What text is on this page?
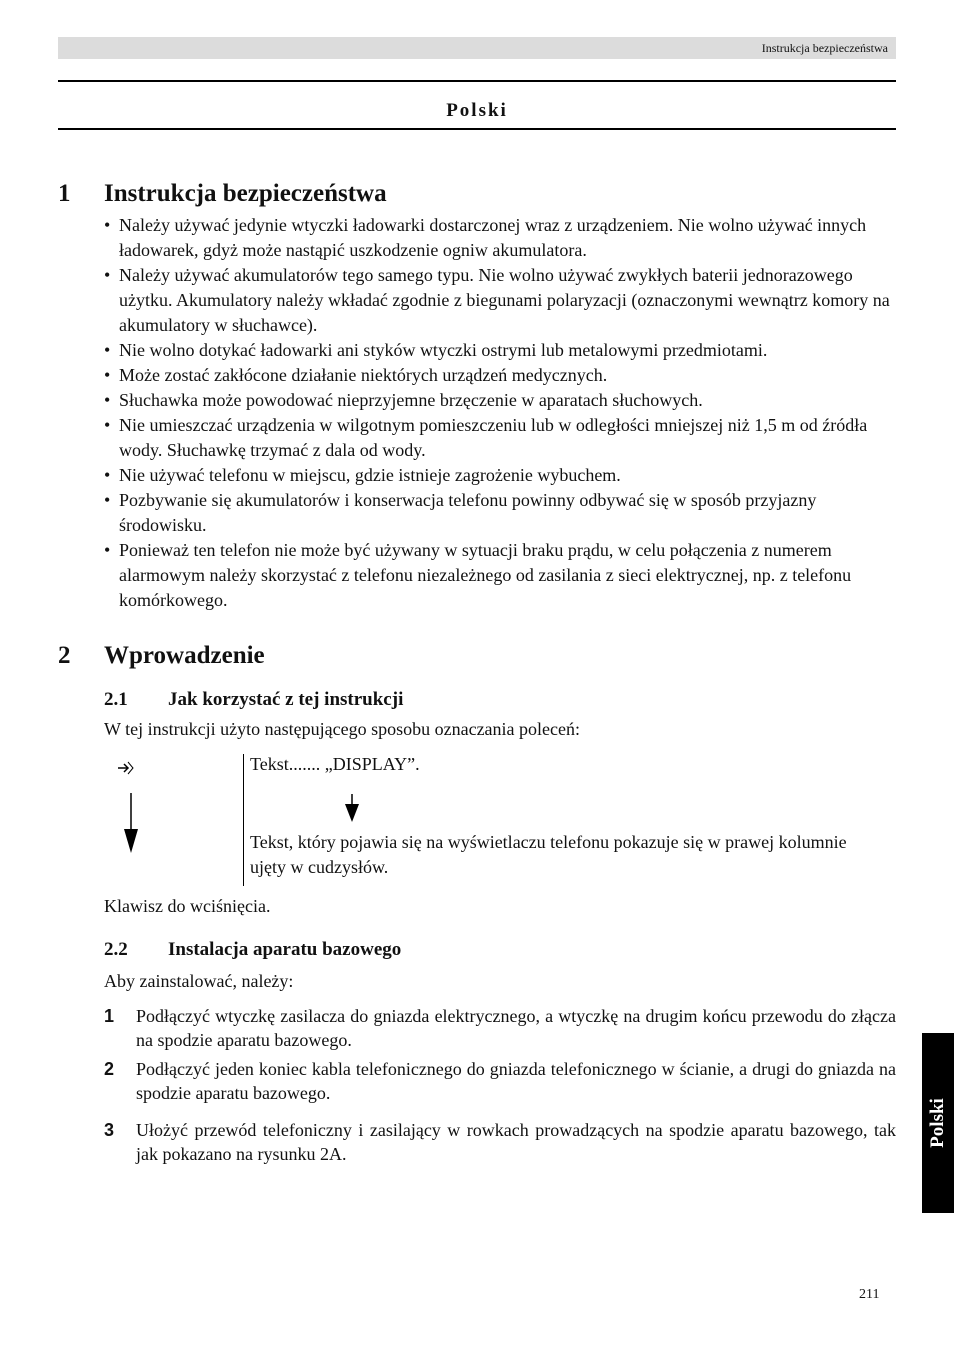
Instrukcja bezpieczeństwa
Polski
1 Instrukcja bezpieczeństwa
• Należy używać jedynie wtyczki ładowarki dostarczonej wraz z urządzeniem. Nie wolno używać innych ładowarek, gdyż może nastąpić uszkodzenie ogniw akumulatora.
• Należy używać akumulatorów tego samego typu. Nie wolno używać zwykłych baterii jednorazowego użytku. Akumulatory należy wkładać zgodnie z biegunami polaryzacji (oznaczonymi wewnątrz komory na akumulatory w słuchawce).
• Nie wolno dotykać ładowarki ani styków wtyczki ostrymi lub metalowymi przedmiotami.
• Może zostać zakłócone działanie niektórych urządzeń medycznych.
• Słuchawka może powodować nieprzyjemne brzęczenie w aparatach słuchowych.
• Nie umieszczać urządzenia w wilgotnym pomieszczeniu lub w odległości mniejszej niż 1,5 m od źródła wody. Słuchawkę trzymać z dala od wody.
• Nie używać telefonu w miejscu, gdzie istnieje zagrożenie wybuchem.
• Pozbywanie się akumulatorów i konserwacja telefonu powinny odbywać się w sposób przyjazny środowisku.
• Ponieważ ten telefon nie może być używany w sytuacji braku prądu, w celu połączenia z numerem alarmowym należy skorzystać z telefonu niezależnego od zasilania z sieci elektrycznej, np. z telefonu komórkowego.
2 Wprowadzenie
2.1 Jak korzystać z tej instrukcji
W tej instrukcji użyto następującego sposobu oznaczania poleceń:
Tekst....... „DISPLAY”.
Tekst, który pojawia się na wyświetlaczu telefonu pokazuje się w prawej kolumnie ujęty w cudzysłów.
Klawisz do wciśnięcia.
2.2 Instalacja aparatu bazowego
Aby zainstalować, należy:
1 Podłączyć wtyczkę zasilacza do gniazda elektrycznego, a wtyczkę na drugim końcu przewodu do złącza na spodzie aparatu bazowego.
2 Podłączyć jeden koniec kabla telefonicznego do gniazda telefonicznego w ścianie, a drugi do gniazda na spodzie aparatu bazowego.
3 Ułożyć przewód telefoniczny i zasilający w rowkach prowadzących na spodzie aparatu bazowego, tak jak pokazano na rysunku 2A.
Polski
211
